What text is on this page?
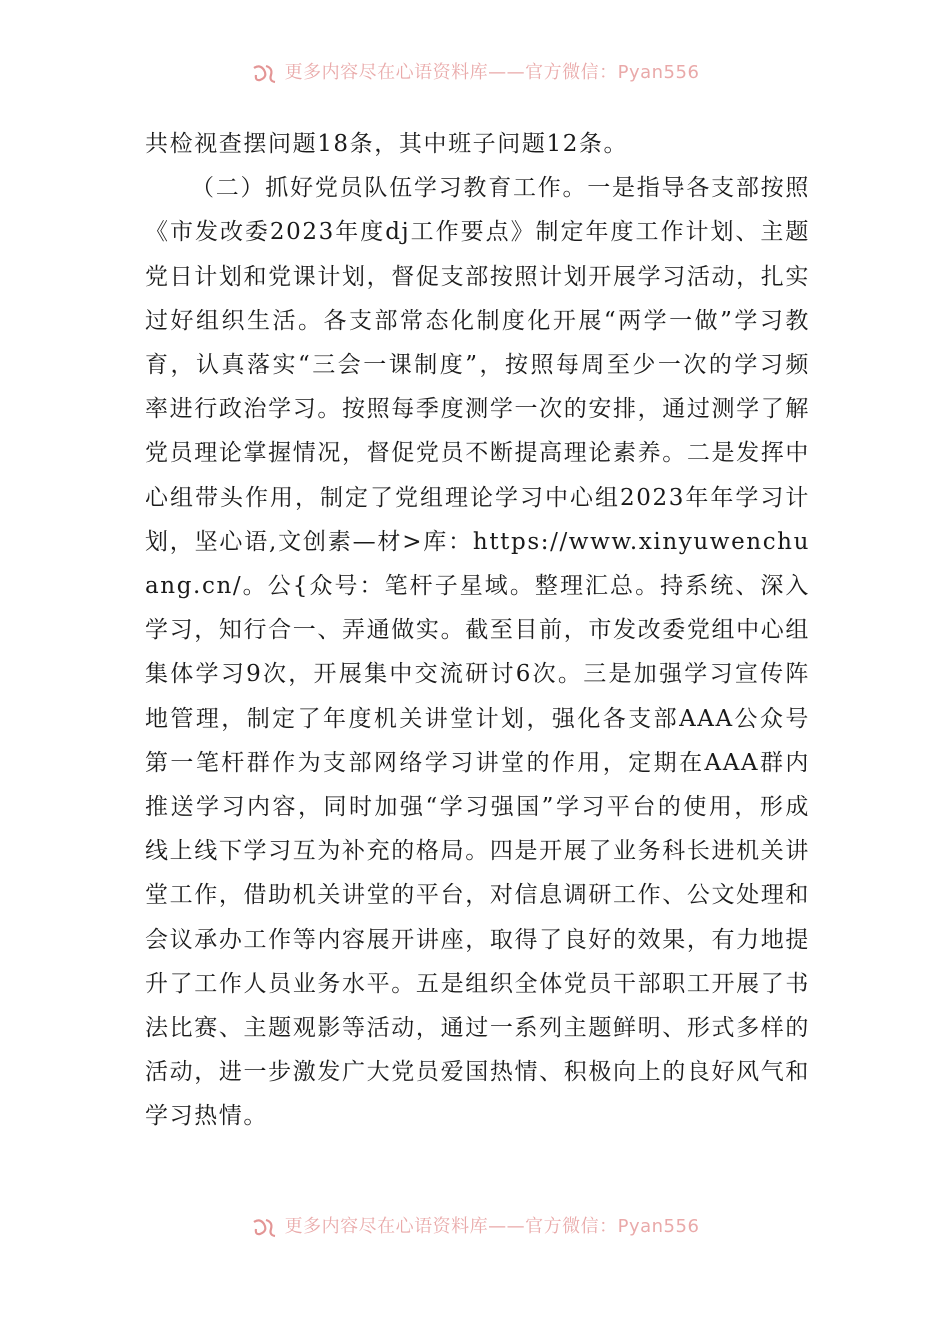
更多内容尽在心语资料库——官方微信：Pyan556

共检视查摆问题18条，其中班子问题12条。

（二）抓好党员队伍学习教育工作。一是指导各支部按照《市发改委2023年度dj工作要点》制定年度工作计划、主题党日计划和党课计划，督促支部按照计划开展学习活动，扎实过好组织生活。各支部常态化制度化开展“两学一做”学习教育，认真落实“三会一课制度”，按照每周至少一次的学习频率进行政治学习。按照每季度测学一次的安排，通过测学了解党员理论掌握情况，督促党员不断提高理论素养。二是发挥中心组带头作用，制定了党组理论学习中心组2023年年学习计划，坚心语,文创素—材>库：https://www.xinyuwenchuang.cn/。公{众号：笔杆子星域。整理汇总。持系统、深入学习，知行合一、弄通做实。截至目前，市发改委党组中心组集体学习9次，开展集中交流研讨6次。三是加强学习宣传阵地管理，制定了年度机关讲堂计划，强化各支部AAA公众号第一笔杆群作为支部网络学习讲堂的作用，定期在AAA群内推送学习内容，同时加强“学习强国”学习平台的使用，形成线上线下学习互为补充的格局。四是开展了业务科长进机关讲堂工作，借助机关讲堂的平台，对信息调研工作、公文处理和会议承办工作等内容展开讲座，取得了良好的效果，有力地提升了工作人员业务水平。五是组织全体党员干部职工开展了书法比赛、主题观影等活动，通过一系列主题鲜明、形式多样的活动，进一步激发广大党员爱国热情、积极向上的良好风气和学习热情。

更多内容尽在心语资料库——官方微信：Pyan556
